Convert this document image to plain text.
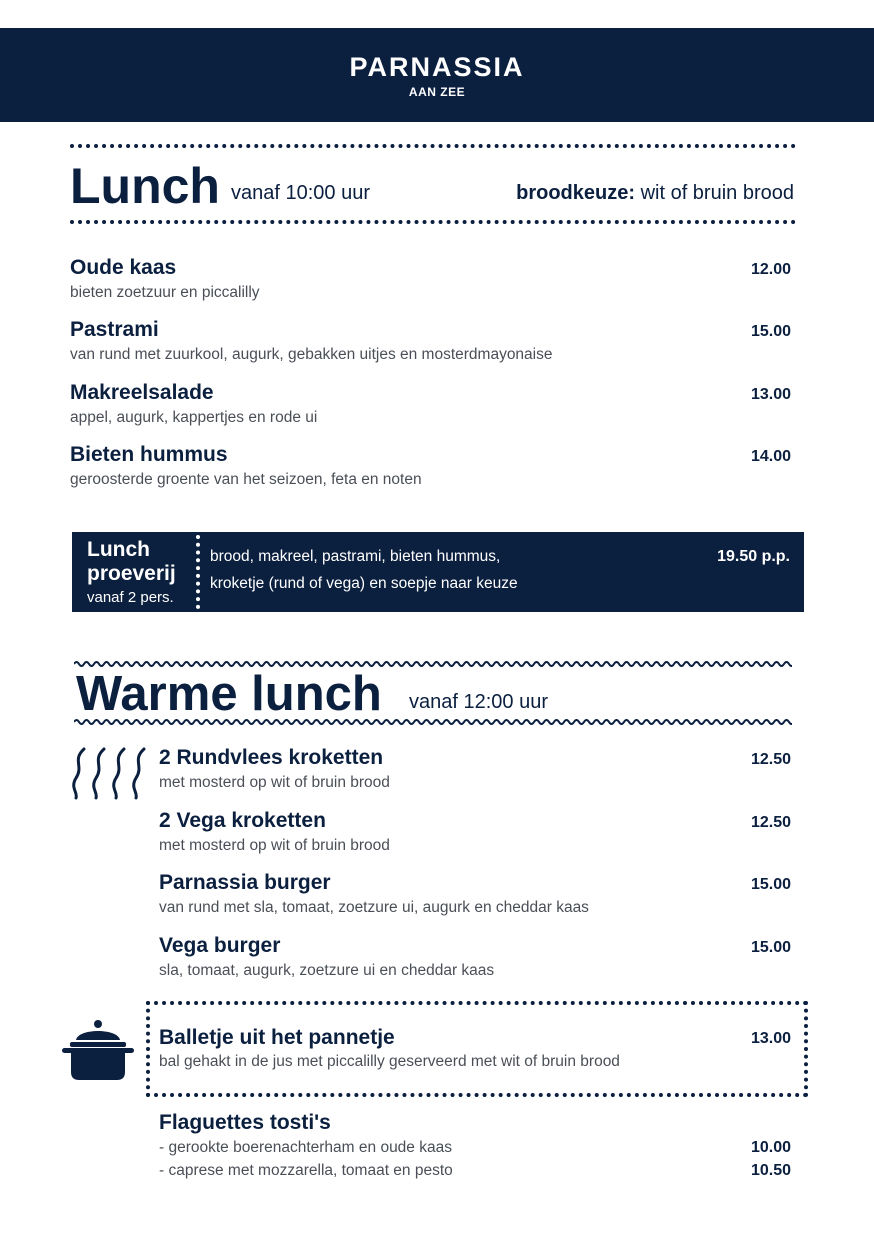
PARNASSIA
AAN ZEE
Lunch vanaf 10:00 uur	broodkeuze: wit of bruin brood
Oude kaas
bieten zoetzuur en piccalilly
12.00
Pastrami
van rund met zuurkool, augurk, gebakken uitjes en mosterdmayonaise
15.00
Makreelsalade
appel, augurk, kappertjes en rode ui
13.00
Bieten hummus
geroosterde groente van het seizoen, feta en noten
14.00
Lunch
proeverij
vanaf 2 pers.
brood, makreel, pastrami, bieten hummus,
kroketje (rund of vega) en soepje naar keuze
19.50 p.p.
Warme lunch vanaf 12:00 uur
2 Rundvlees kroketten
met mosterd op wit of bruin brood
12.50
2 Vega kroketten
met mosterd op wit of bruin brood
12.50
Parnassia burger
van rund met sla, tomaat, zoetzure ui, augurk en cheddar kaas
15.00
Vega burger
sla, tomaat, augurk, zoetzure ui en cheddar kaas
15.00
Balletje uit het pannetje
bal gehakt in de jus met piccalilly geserveerd met wit of bruin brood
13.00
Flaguettes tosti's
- gerookte boerenachterham en oude kaas	10.00
- caprese met mozzarella, tomaat en pesto	10.50
